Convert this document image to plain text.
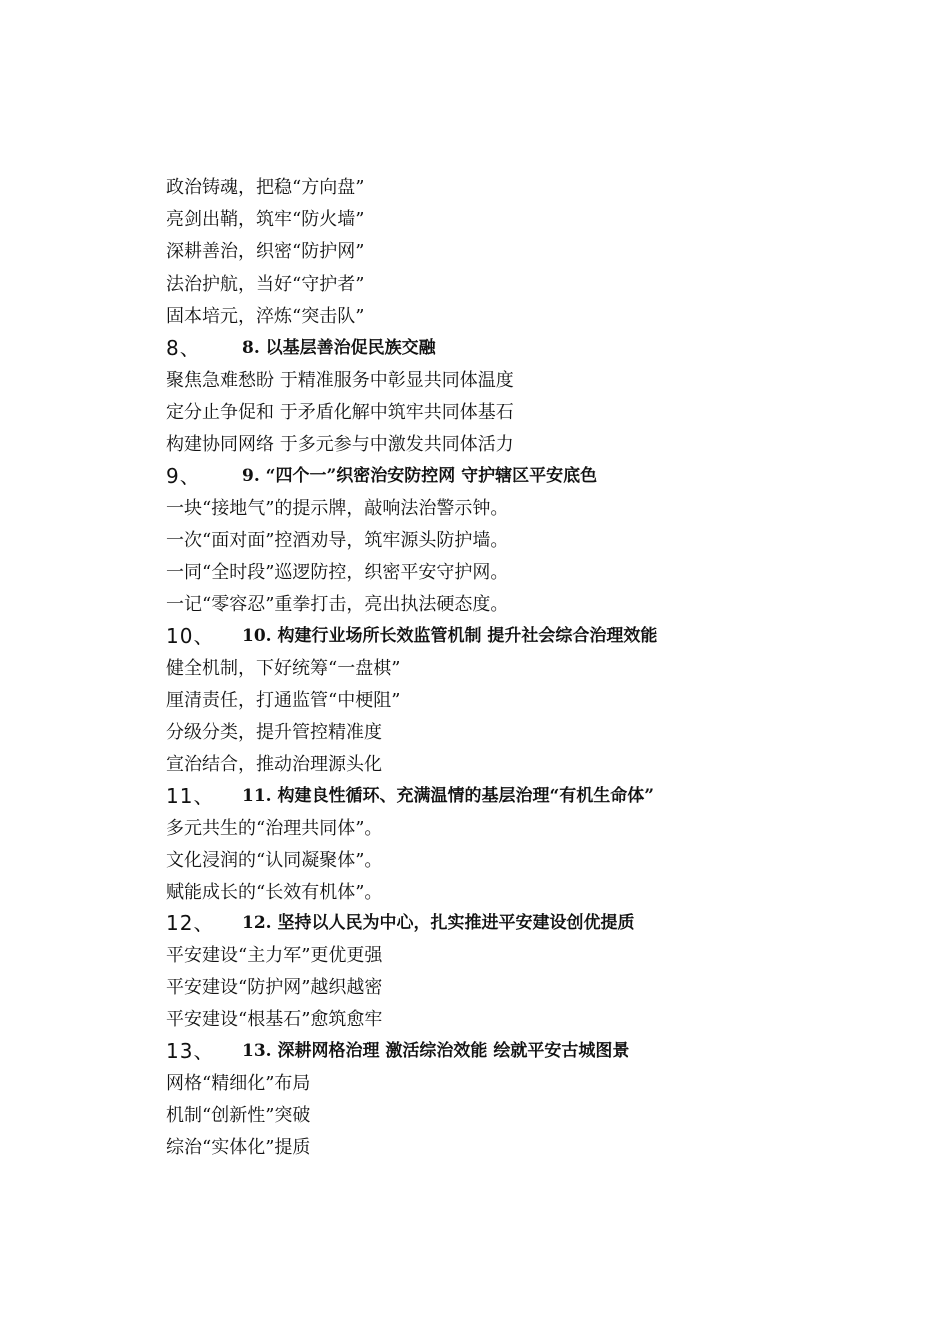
政治铸魂，把稳“方向盘”
亮剑出鞘，筑牢“防火墙”
深耕善治，织密“防护网”
法治护航，当好“守护者”
固本培元，淬炼“突击队”
8、 8. 以基层善治促民族交融
聚焦急难愁盼 于精准服务中彰显共同体温度
定分止争促和 于矛盾化解中筑牢共同体基石
构建协同网络 于多元参与中激发共同体活力
9、 9. “四个一”织密治安防控网 守护辖区平安底色
一块“接地气”的提示牌，敲响法治警示钟。
一次“面对面”控酒劝导，筑牢源头防护墙。
一同“全时段”巡逻防控，织密平安守护网。
一记“零容忍”重拳打击，亮出执法硬态度。
10、 10. 构建行业场所长效监管机制 提升社会综合治理效能
健全机制，下好统筹“一盘棋”
厘清责任，打通监管“中梗阻”
分级分类，提升管控精准度
宣治结合，推动治理源头化
11、 11. 构建良性循环、充满温情的基层治理“有机生命体”
多元共生的“治理共同体”。
文化浸润的“认同凝聚体”。
赋能成长的“长效有机体”。
12、 12. 坚持以人民为中心，扎实推进平安建设创优提质
平安建设“主力军”更优更强
平安建设“防护网”越织越密
平安建设“根基石”愈筑愈牢
13、 13. 深耕网格治理 激活综治效能 绘就平安古城图景
网格“精细化”布局
机制“创新性”突破
综治“实体化”提质
